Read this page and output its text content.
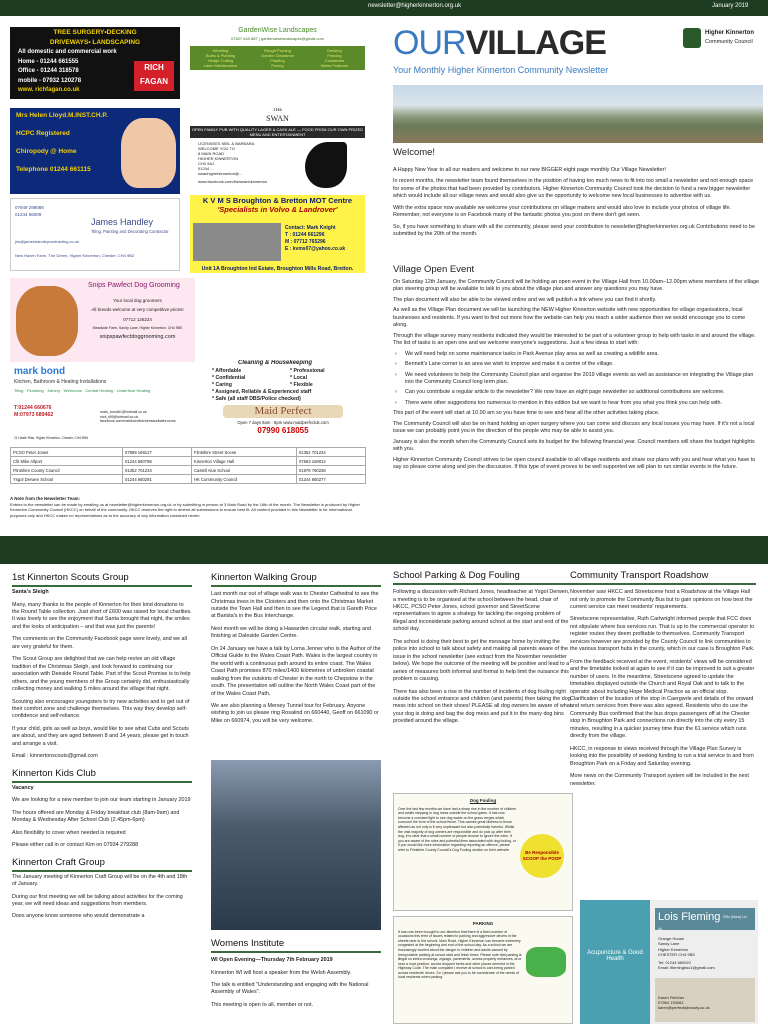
newsletter@higherkinnerton.org.uk	January 2019
TREE SURGERY•DECKING
DRIVEWAYS• LANDSCAPING
All domestic and commercial work
Home - 01244 661555
Office - 01244 318578
mobile - 07932 120278
www. richfagan.co.uk
RICH FAGAN
GardenWise Landscapes
07827 643 887 | gardenwiselandscapes@gmail.com
Weeding	Rough Pruning	Decking
Bulbs & Planting	Garden Clearance	Fencing
Hedge Cutting	Planting	Containers
Lawn Maintenance	Paving	Water Features
Mrs Helen Lloyd.M.INST.CH.P.
HCPC Registered
Chiropody @ Home
Telephone 01244 661115
THE
SWAN
OPEN FAMILY PUB WITH QUALITY LAGER & CASK ALE — FOOD FROM OUR OWN PRIZED MENU AND ENTERTAINMENT
LICENSEES NEIL & BARBARA
WELCOME YOU TO
8 MAIN ROAD
HIGHER KINNERTON
CH4 9AJ
01244 ...
swanhigherkinnerton@...
www.facebook.com/theswanhkinnerton
07949 298088
01244 66009
James Handley
Tiling, Painting and Decorating Contractor
jim@jameshandleycontracting.co.uk
New Haven Farm, The Green, Higher Kinnerton, Chester, CH4 9BZ
K V M S Broughton & Bretton MOT Centre
'Specialists in Volvo & Landrover'
Contact: Mark Knight
T : 01244 661296
M : 07712 765296
E : kvms07@yahoo.co.uk
Unit 1A Broughton Ind Estate, Broughton Mills Road, Bretton.
Snips Pawfect Dog Grooming
Your local dog groomers
All breeds welcome at very competitive prices!
07712 126224
Meadside Farm, Sandy Lane, Higher Kinnerton, CH4 9BS
snipspawfectdoggrooming.com
mark bond
Kitchen, Bathroom & Heating Installations
Tiling · Plumbing · Joinery · Wetrooms · Central Heating · Underfloor Heating
T:01244 660676
M:07973 689462	mark_bond61@hotmail.co.uk
nick_t89@hotmail.co.uk
facebook.com/markbondkitchensandbathrooms
21 Heath Rise, Higher Kinnerton, Chester, CH4 9BN
Cleaning & Housekeeping
* Affordable	* Professional
* Confidential	* Local
* Caring	* Flexible
* Assigned, Reliable & Experienced staff
* Safe (all staff DBS/Police checked)
Maid Perfect
Open 7 days 8am - 8pm www.maidperfectuk.com
07990 618055
PCSO Peter Jones	07989 169127	Flintshire Street Scene	01352 701234
Cllr Mike Allport	01244 660796	Kinnerton Village Hall	07563 159012
Flintshire County Council	01352 701234	Castell Alun School	01978 760238
Ysgol Derwen School	01244 660291	HK Community Council	01244 660277
A Note from the Newsletter Team:
Entries to the newsletter can be made by emailing us at newsletter@higherkinnerton.org.uk or by submitting in person at 3 Main Road by the 16th of the month. The Newsletter is produced by Higher Kinnerton Community Council (HKCC) on behalf of the community. HKCC reserves the right to amend all submissions to ensure best fit. All content provided in this Newsletter is for informational purposes only and HKCC makes no representations as to the accuracy of any information contained herein.
OURVILLAGE
Your Monthly Higher Kinnerton Community Newsletter
Higher Kinnerton
Community Council
Welcome!

A Happy New Year to all our readers and welcome to our new BIGGER eight page monthly Our Village Newsletter!

In recent months, the newsletter team found themselves in the position of having too much news to fit into too small a newsletter and not enough space for some of the photos that had been provided by contributors. Higher Kinnerton Community Council took the decision to fund a new bigger newsletter which would include all our village news and would also give us the opportunity to welcome new local businesses to advertise with us.

With the extra space now available we welcome your contributions on village matters and would also love to include your photos of village life. Remember, not everyone is on Facebook many of the fantastic photos you post on there don't get seen.

So, if you have something to share with all the community, please send your contribution to newsletter@higherkinnerton.org.uk Contributions need to be submitted by the 20th of the month.

Village Open Event

On Saturday 12th January, the Community Council will be holding an open event in the Village Hall from 10.00am–12.00pm where members of the village plan steering group will be available to talk to you about the village plan and answer any questions you may have.

The plan document will also be able to be viewed online and we will publish a link where you can find it shortly.

As well as the Village Plan document we will be launching the NEW Higher Kinnerton website with new opportunities for village organisations, local businesses and residents. If you want to find out more how the website can help you reach a wider audience then we would encourage you to come along.

Through the village survey many residents indicated they would be interested to be part of a volunteer group to help with tasks in and around the village.

The list of tasks is an open one and we welcome everyone's suggestions. Just a few ideas to start with:

› We will need help on some maintenance tasks in Park Avenue play area as well as creating a wildlife area.
› Bennett's Lane corner is an area we wish to improve and make it a centre of the village.
› We need volunteers to help the Community Council plan and organise the 2019 village events as well as assistance on integrating the Village plan into the Community Council long term plan.
› Can you contribute a regular article to the newsletter? We now have an eight page newsletter so additional contributions are welcome.
› There were other suggestions too numerous to mention in this edition but we want to hear from you what you think you can help with.

This part of the event will start at 10.00 am so you have time to see and hear all the other activities taking place.

The Community Council will also be on hand holding an open surgery where you can come and discuss any local issues you may have. If it's not a local issue we can probably point you in the direction of the people who may be able to assist you.

January is also the month when the Community Council sets its budget for the following financial year. Council members will share the budget highlights with you.

Higher Kinnerton Community Council strives to be open council available to all village residents and share our plans with you and hear what you have to say so please come along and join the discussion. If this type of event proves to be well supported we will plan to run similar events in the future.

1st Kinnerton Scouts Group

Santa's Sleigh

Many, many thanks to the people of Kinnerton for their kind donations to the Round Table collection. Just short of £600 was raised for local charities. It was lovely to see the enjoyment that Santa brought that night, the smiles and the looks of anticipation – and that was just the parents!

The comments on the Community Facebook page were lovely, and we all are very grateful for them.

The Scout Group are delighted that we can help revive an old village tradition of the Christmas Sleigh, and look forward to continuing our association with Deeside Round Table. Part of the Scout Promise is to help others, and the young members of the Group certainly did, enthusiastically collecting money and walking 5 miles around the village that night.

Scouting also encourages youngsters to try new activities and to get out of their comfort zone and challenge themselves. This way they develop self-confidence and self-reliance.

If your child, girls as well as boys, would like to see what Cubs and Scouts are about, and they are aged between 8 and 14 years, please get in touch and arrange a visit.

Email : kinnertonscouts@gmail.com

Kinnerton Kids Club

Vacancy

We are looking for a new member to join our team starting in January 2019

The hours offered are Monday & Friday breakfast club (8am-9am) and Monday & Wednesday After School Club (2.45pm-6pm)

Also flexibility to cover when needed is required

Please either call in or contact Kim on 07934 279288

Kinnerton Craft Group

The January meeting of Kinnerton Craft Group will be on the 4th and 18th of January.

During our first meeting we will be talking about activities for the coming year, we will need ideas and suggestions from members.

Does anyone know someone who would demonstrate a

Kinnerton Walking Group

Last month our out of village walk was to Chester Cathedral to see the Christmas trees in the Cloisters and then onto the Christmas Market outside the Town Hall and then to see the Legend that is Gareth Price at Barista's in the Bus Interchange.

Next month we will be doing a Hawarden circular walk, starting and finishing at Daleside Garden Centre.

On 24 January we have a talk by Lorna Jenner who is the Author of the Official Guide to the Wales Coast Path. Wales is the largest country in the world with a continuous path around its entire coast. The Wales Coast Path promises 870 miles/1400 kilometres of unbroken coastal walking from the outskirts of Chester in the north to Chepstow in the south. The presentation will outline the North Wales Coast part of the of the Wales Coast Path.

We are also planning a Mersey Tunnel tour for February. Anyone wishing to join us please ring Rosalind on 660440, Geoff on 661090 or Mike on 660974, you will be very welcome.

Womens Institute

WI Open Evening—Thursday 7th February 2019

Kinnerton WI will host a speaker from the Welsh Assembly.

The talk is entitled "Understanding and engaging with the National Assembly of Wales".

This meeting is open to all, member or not.

School Parking & Dog Fouling

Following a discussion with Richard Jones, headteacher at Ysgol Derwen, a meeting is to be organised at the school between the head, chair of HKCC, PCSO Peter Jones, school governor and StreetScene representatives to agree a strategy for tackling the ongoing problem of illegal and inconsiderate parking around school at the start and end of the school day.

The school is doing their best to get the message home by inviting the police into school to talk about safety and making all parents aware of the issue in the school newsletter (see extract from the November newsletter below). We hope the outcome of the meeting will be positive and lead to a series of measures both informal and formal to help limit the nuisance this problem is causing.

There has also been a rise in the number of incidents of dog fouling right outside the school entrance and children (and parents) then taking the dog mess into school on their shoes! PLEASE all dog owners be aware of what your dog is doing and bag the dog mess and put it in the many dog bins provided around the village.

Dog Fouling
Over the last few months we have had a sharp rise in the number of children and adults stepping in dog mess outside the school gates. It has now become a constant fight to see dog waste on the grass verges which surround the front of the school fence. This causes great distress to those affected as not only is it very unpleasant but also potentially harmful. Whilst the vast majority of dog owners are responsible and do pick up after their dog, it is clear that a small number of people choose to ignore the rules. If you are aware of the rules and potential fines associated with dog fouling, or if you would like more information regarding reporting an offence, please refer to Flintshire County Council's Dog Fouling section on their website.
Be Responsible SCOOP the POOP
PARKING
It has now been brought to our attention that there is a fixed number of occasions this term of issues related to parking and aggressive drivers in the streets near to the school. Main Road, Higher Kinnerton can become extremely congested at the beginning and end of the school day. As a school we are increasingly worried about the danger to children and adults caused by irresponsible parking at school start and finish times. Please note that parking is illegal on zebra crossings, zigzags, pavements, across property entrances, at or near a road junction, across dropped kerbs and other places deemed in the Highway Code. The main complaint I receive at school is cars being parked across residents' drives. So I please ask you to be considerate of the needs of local residents when parking.
Community Transport Roadshow

November saw HKCC and Streetscene host a Roadshow at the Village Hall not only to promote the Community Bus but to gain opinions on how best the current service can meet residents' requirements.

Streetscene representative, Ruth Cartwright informed people that FCC does not stipulate where bus services run. That is up to the commercial operator to register routes they deem profitable to themselves. Community Transport services however are provided by the County Council to link communities to the various transport hubs in the county, which in our case is Broughton Park.

From the feedback received at the event, residents' views will be considered and the timetable looked at again to see if it can be improved to suit a greater number of users. In the meantime, Streetscene agreed to update the timetables displayed outside the Church and Royal Oak and to talk to the operator about including Hope Medical Practice as an official stop. Clarification of the location of the stop in Caergwrle and details of the onward and return services from there was also agreed. Residents who do use the Community Bus confirmed that the bus drops passengers off at the Chester stop in Broughton Park and connections run directly into the city every 15 minutes, resulting in a quicker journey time than the 61 service which runs directly from the village.

HKCC, in response to views received through the Village Plan Survey is looking into the possibility of seeking funding to run a trial service to and from Broughton Park on a Friday and Saturday evening.

More news on the Community Transport system will be included in the next newsletter.

Acupuncture & Good Health
Lois Fleming BSc (Hons) Lic. Ac.
Orange House
Sandy Lane
Higher Kinnerton
CHESTER CH4 9BS
Tel: 01244 660922
Email: lflemingbsc1@gmail.com
Karen Fletcher
07954 193061
karen@perfectlybeauty.co.uk
